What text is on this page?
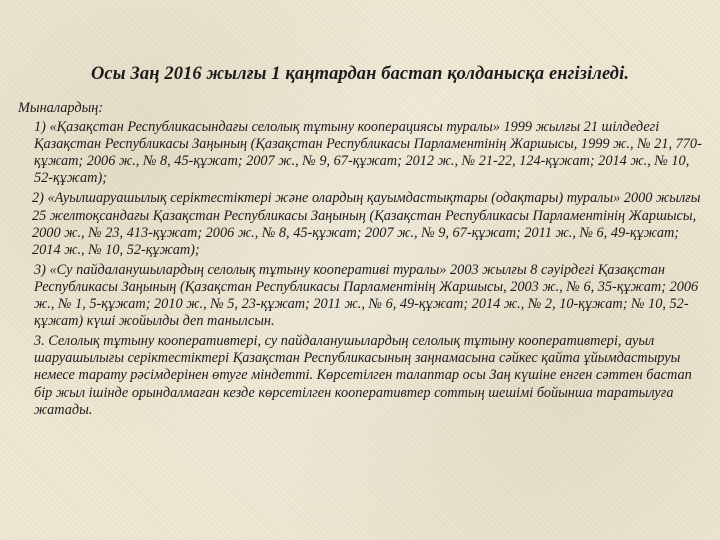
Осы Заң 2016 жылғы 1 қаңтардан бастап қолданысқа енгізіледі.

Мыналардың:

1) «Қазақстан Республикасындағы селолық тұтыну кооперациясы туралы» 1999 жылғы 21 шілдедегі Қазақстан Республикасы Заңының (Қазақстан Республикасы Парламентінің Жаршысы, 1999 ж., № 21, 770-құжат; 2006 ж., № 8, 45-құжат; 2007 ж., № 9, 67-құжат; 2012 ж., № 21-22, 124-құжат; 2014 ж., № 10, 52-құжат);

2) «Ауылшаруашылық серіктестіктері және олардың қауымдастықтары (одақтары) туралы» 2000 жылғы 25 желтоқсандағы Қазақстан Республикасы Заңының (Қазақстан Республикасы Парламентінің Жаршысы, 2000 ж., № 23, 413-құжат; 2006 ж., № 8, 45-құжат; 2007 ж., № 9, 67-құжат; 2011 ж., № 6, 49-құжат; 2014 ж., № 10, 52-құжат);

3) «Су пайдаланушылардың селолық тұтыну кооперативі туралы» 2003 жылғы 8 сәуірдегі Қазақстан Республикасы Заңының (Қазақстан Республикасы Парламентінің Жаршысы, 2003 ж., № 6, 35-құжат; 2006 ж., № 1, 5-құжат; 2010 ж., № 5, 23-құжат; 2011 ж., № 6, 49-құжат; 2014 ж., № 2, 10-құжат; № 10, 52-құжат) күші жойылды деп танылсын.

3. Селолық тұтыну кооперативтері, су пайдаланушылардың селолық тұтыну кооперативтері, ауыл шаруашылығы серіктестіктері Қазақстан Республикасының заңнамасына сәйкес қайта ұйымдастыруы немесе тарату рәсімдерінен өтуге міндетті. Көрсетілген талаптар осы Заң күшіне енген сәттен бастап бір жыл ішінде орындалмаған кезде көрсетілген кооперативтер соттың шешімі бойынша таратылуға жатады.
